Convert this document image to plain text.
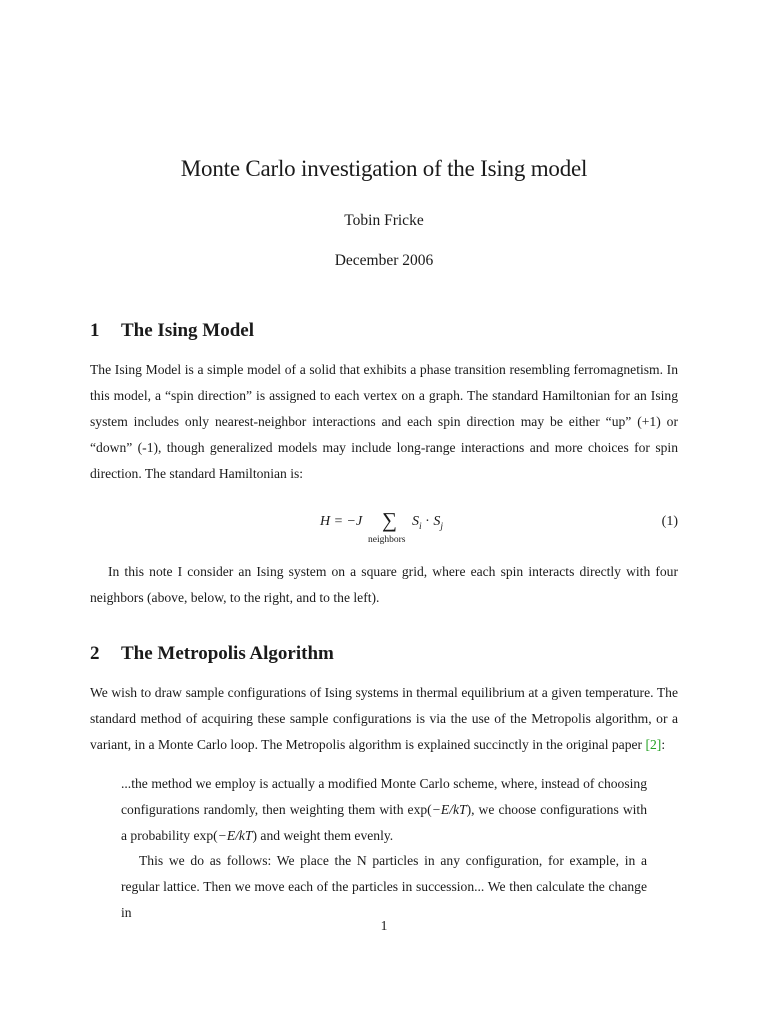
Monte Carlo investigation of the Ising model
Tobin Fricke
December 2006
1 The Ising Model
The Ising Model is a simple model of a solid that exhibits a phase transition resembling ferromagnetism. In this model, a “spin direction” is assigned to each vertex on a graph. The standard Hamiltonian for an Ising system includes only nearest-neighbor interactions and each spin direction may be either “up” (+1) or “down” (-1), though generalized models may include long-range interactions and more choices for spin direction. The standard Hamiltonian is:
H = −J ∑ $S_i \cdot S_j$
neighbors
(1)
In this note I consider an Ising system on a square grid, where each spin interacts directly with four neighbors (above, below, to the right, and to the left).
2 The Metropolis Algorithm
We wish to draw sample configurations of Ising systems in thermal equilibrium at a given temperature. The standard method of acquiring these sample configurations is via the use of the Metropolis algorithm, or a variant, in a Monte Carlo loop. The Metropolis algorithm is explained succinctly in the original paper [2]:
...the method we employ is actually a modified Monte Carlo scheme, where, instead of choosing configurations randomly, then weighting them with exp(−E/kT), we choose configurations with a probability exp(−E/kT) and weight them evenly.
This we do as follows: We place the N particles in any configuration, for example, in a regular lattice. Then we move each of the particles in succession... We then calculate the change in
1
